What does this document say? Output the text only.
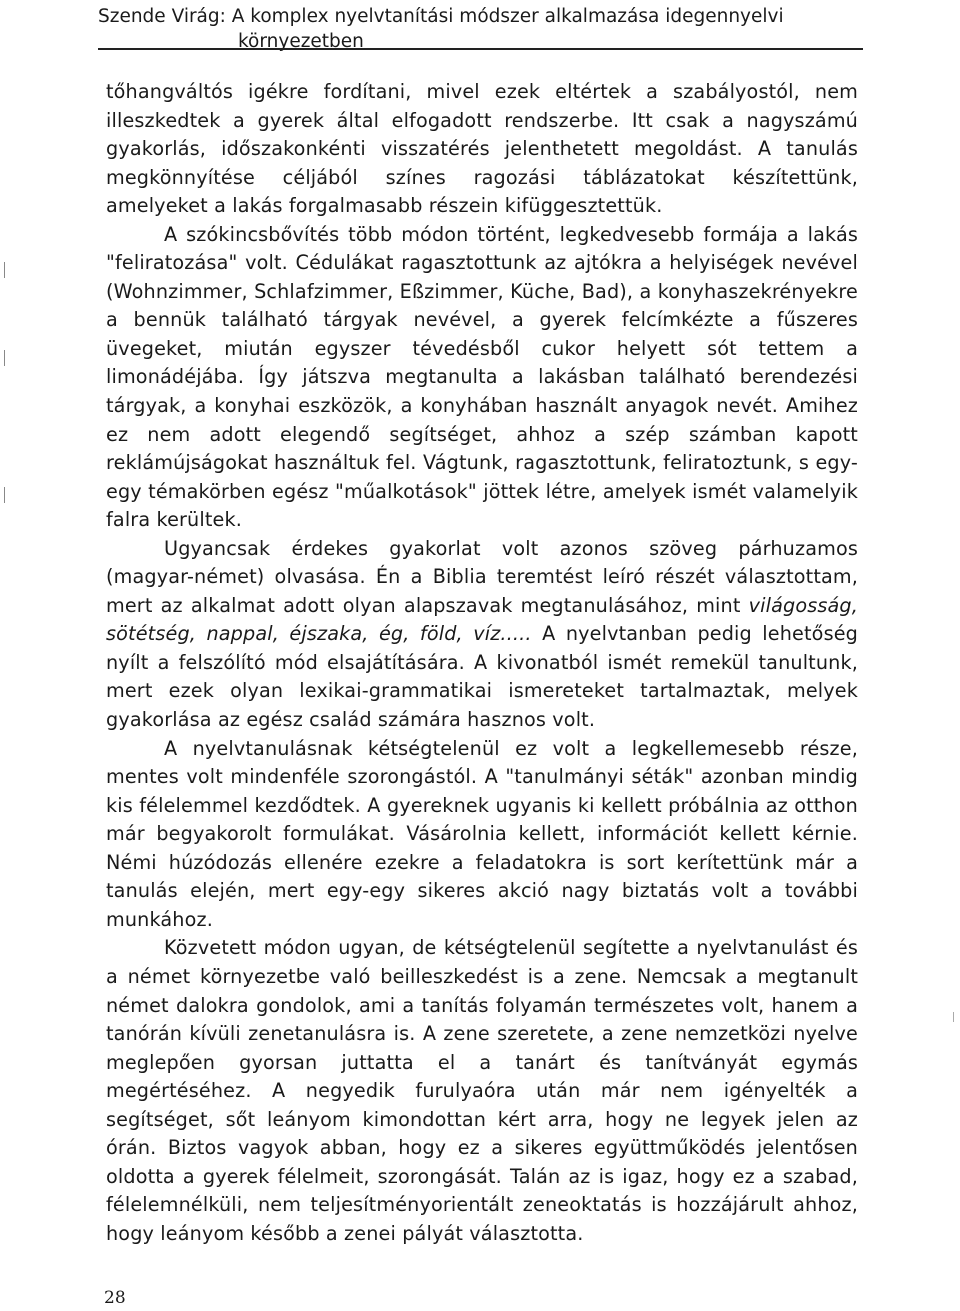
Szende Virág: A komplex nyelvtanítási módszer alkalmazása idegennyelvi
környezetben

tőhangváltós igékre fordítani, mivel ezek eltértek a szabályostól, nem illeszkedtek a gyerek által elfogadott rendszerbe. Itt csak a nagyszámú gyakorlás, időszakonkénti visszatérés jelenthetett megoldást. A tanulás megkönnyítése céljából színes ragozási táblázatokat készítettünk, amelyeket a lakás forgalmasabb részein kifüggesztettük.

A szókincsbővítés több módon történt, legkedvesebb formája a lakás "feliratozása" volt. Cédulákat ragasztottunk az ajtókra a helyiségek nevével (Wohnzimmer, Schlafzimmer, Eßzimmer, Küche, Bad), a konyhaszekrényekre a bennük található tárgyak nevével, a gyerek felcímkézte a fűszeres üvegeket, miután egyszer tévedésből cukor helyett sót tettem a limonádéjába. Így játszva megtanulta a lakásban található berendezési tárgyak, a konyhai eszközök, a konyhában használt anyagok nevét. Amihez ez nem adott elegendő segítséget, ahhoz a szép számban kapott reklámújságokat használtuk fel. Vágtunk, ragasztottunk, feliratoztunk, s egy-egy témakörben egész "műalkotások" jöttek létre, amelyek ismét valamelyik falra kerültek.

Ugyancsak érdekes gyakorlat volt azonos szöveg párhuzamos (magyar-német) olvasása. Én a Biblia teremtést leíró részét választottam, mert az alkalmat adott olyan alapszavak megtanulásához, mint világosság, sötétség, nappal, éjszaka, ég, föld, víz..... A nyelvtanban pedig lehetőség nyílt a felszólító mód elsajátítására. A kivonatból ismét remekül tanultunk, mert ezek olyan lexikai-grammatikai ismereteket tartalmaztak, melyek gyakorlása az egész család számára hasznos volt.

A nyelvtanulásnak kétségtelenül ez volt a legkellemesebb része, mentes volt mindenféle szorongástól. A "tanulmányi séták" azonban mindig kis félelemmel kezdődtek. A gyereknek ugyanis ki kellett próbálnia az otthon már begyakorolt formulákat. Vásárolnia kellett, információt kellett kérnie. Némi húzódozás ellenére ezekre a feladatokra is sort kerítettünk már a tanulás elején, mert egy-egy sikeres akció nagy biztatás volt a további munkához.

Közvetett módon ugyan, de kétségtelenül segítette a nyelvtanulást és a német környezetbe való beilleszkedést is a zene. Nemcsak a megtanult német dalokra gondolok, ami a tanítás folyamán természetes volt, hanem a tanórán kívüli zenetanulásra is. A zene szeretete, a zene nemzetközi nyelve meglepően gyorsan juttatta el a tanárt és tanítványát egymás megértéséhez. A negyedik furulyaóra után már nem igényelték a segítséget, sőt leányom kimondottan kért arra, hogy ne legyek jelen az órán. Biztos vagyok abban, hogy ez a sikeres együttműködés jelentősen oldotta a gyerek félelmeit, szorongását. Talán az is igaz, hogy ez a szabad, félelemnélküli, nem teljesítményorientált zeneoktatás is hozzájárult ahhoz, hogy leányom később a zenei pályát választotta.

28
